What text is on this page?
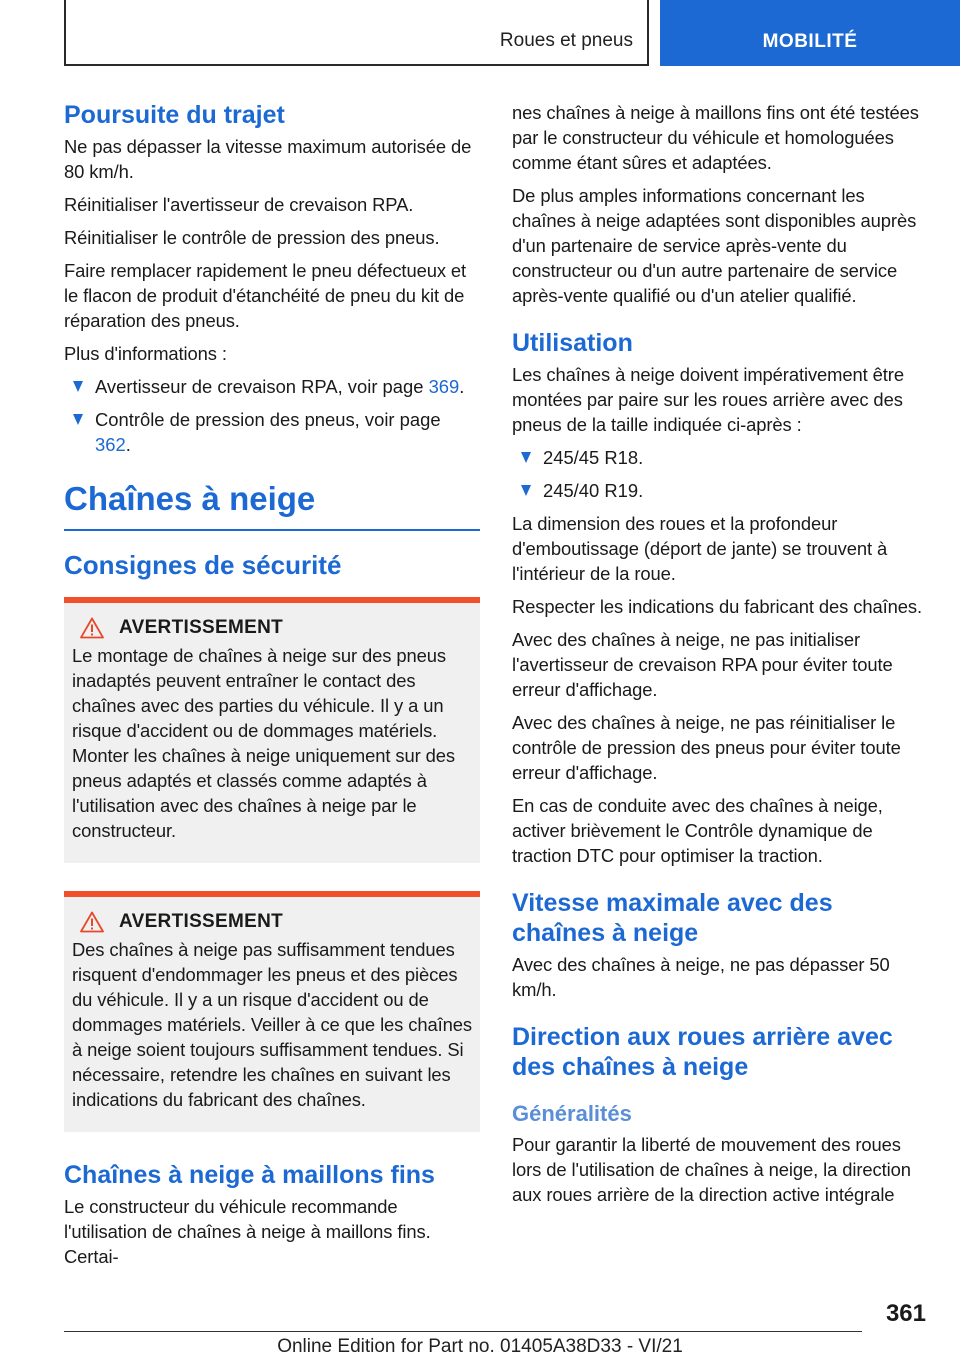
Roues et pneus	MOBILITÉ
Poursuite du trajet

Ne pas dépasser la vitesse maximum autorisée de 80 km/h.

Réinitialiser l'avertisseur de crevaison RPA.

Réinitialiser le contrôle de pression des pneus.

Faire remplacer rapidement le pneu défectueux et le flacon de produit d'étanchéité de pneu du kit de réparation des pneus.

Plus d'informations :

Avertisseur de crevaison RPA, voir page 369.
Contrôle de pression des pneus, voir page 362.
Chaînes à neige
Consignes de sécurité
AVERTISSEMENT

Le montage de chaînes à neige sur des pneus inadaptés peuvent entraîner le contact des chaînes avec des parties du véhicule. Il y a un risque d'accident ou de dommages matériels. Monter les chaînes à neige uniquement sur des pneus adaptés et classés comme adaptés à l'utilisation avec des chaînes à neige par le constructeur.

AVERTISSEMENT

Des chaînes à neige pas suffisamment tendues risquent d'endommager les pneus et des pièces du véhicule. Il y a un risque d'accident ou de dommages matériels. Veiller à ce que les chaînes à neige soient toujours suffisamment tendues. Si nécessaire, retendre les chaînes en suivant les indications du fabricant des chaînes.

Chaînes à neige à maillons fins

Le constructeur du véhicule recommande l'utilisation de chaînes à neige à maillons fins. Certai-

nes chaînes à neige à maillons fins ont été testées par le constructeur du véhicule et homologuées comme étant sûres et adaptées.

De plus amples informations concernant les chaînes à neige adaptées sont disponibles auprès d'un partenaire de service après-vente du constructeur ou d'un autre partenaire de service après-vente qualifié ou d'un atelier qualifié.

Utilisation

Les chaînes à neige doivent impérativement être montées par paire sur les roues arrière avec des pneus de la taille indiquée ci-après :

245/45 R18.
245/40 R19.

La dimension des roues et la profondeur d'emboutissage (déport de jante) se trouvent à l'intérieur de la roue.

Respecter les indications du fabricant des chaînes.

Avec des chaînes à neige, ne pas initialiser l'avertisseur de crevaison RPA pour éviter toute erreur d'affichage.

Avec des chaînes à neige, ne pas réinitialiser le contrôle de pression des pneus pour éviter toute erreur d'affichage.

En cas de conduite avec des chaînes à neige, activer brièvement le Contrôle dynamique de traction DTC pour optimiser la traction.

Vitesse maximale avec des chaînes à neige

Avec des chaînes à neige, ne pas dépasser 50 km/h.

Direction aux roues arrière avec des chaînes à neige
Généralités

Pour garantir la liberté de mouvement des roues lors de l'utilisation de chaînes à neige, la direction aux roues arrière de la direction active intégrale

361
Online Edition for Part no. 01405A38D33 - VI/21
